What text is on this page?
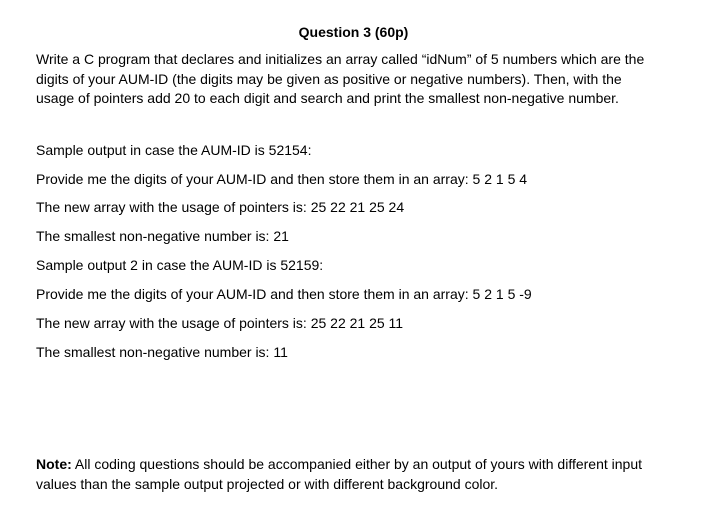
Question 3 (60p)
Write a C program that declares and initializes an array called “idNum” of 5 numbers which are the digits of your AUM-ID (the digits may be given as positive or negative numbers). Then, with the usage of pointers add 20 to each digit and search and print the smallest non-negative number.
Sample output in case the AUM-ID is 52154:
Provide me the digits of your AUM-ID and then store them in an array: 5 2 1 5 4
The new array with the usage of pointers is: 25 22 21 25 24
The smallest non-negative number is: 21
Sample output 2 in case the AUM-ID is 52159:
Provide me the digits of your AUM-ID and then store them in an array: 5 2 1 5 -9
The new array with the usage of pointers is: 25 22 21 25 11
The smallest non-negative number is: 11
Note: All coding questions should be accompanied either by an output of yours with different input values than the sample output projected or with different background color.
